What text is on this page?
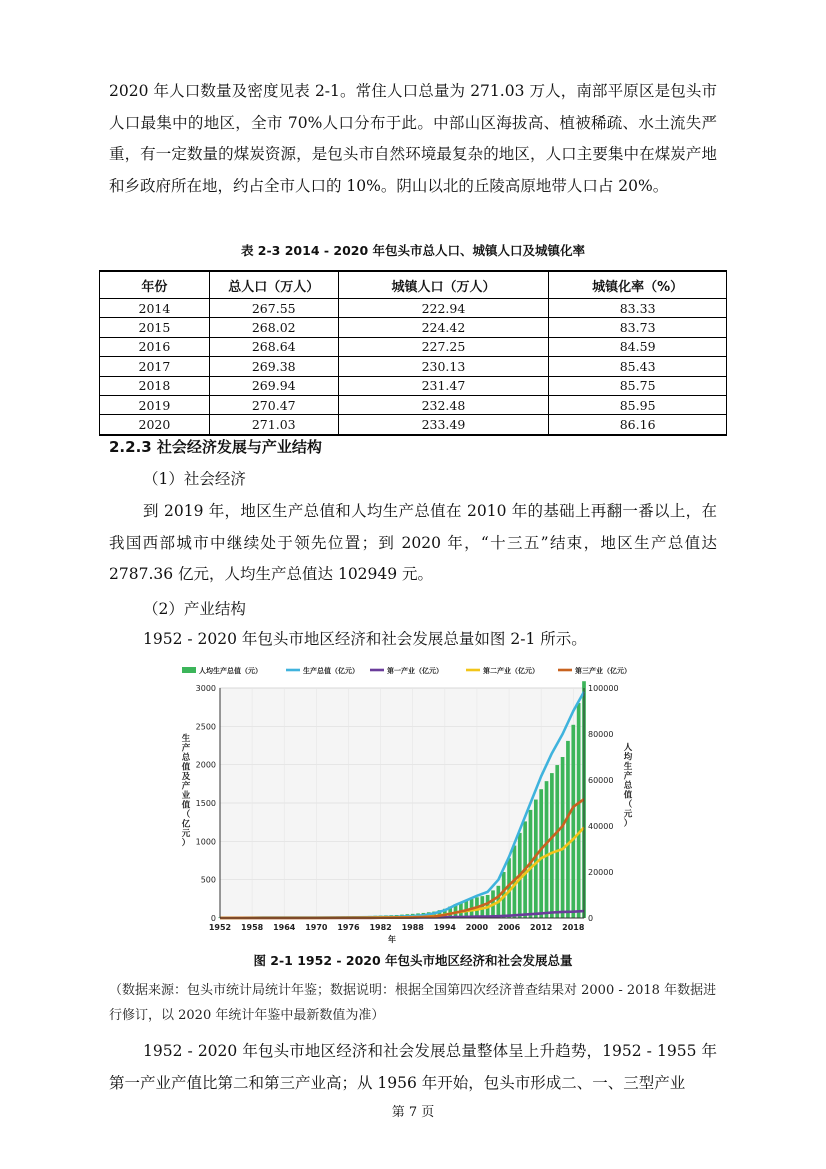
2020 年人口数量及密度见表 2-1。常住人口总量为 271.03 万人，南部平原区是包头市人口最集中的地区，全市 70%人口分布于此。中部山区海拔高、植被稀疏、水土流失严重，有一定数量的煤炭资源，是包头市自然环境最复杂的地区，人口主要集中在煤炭产地和乡政府所在地，约占全市人口的 10%。阴山以北的丘陵高原地带人口占 20%。

表 2-3 2014 - 2020 年包头市总人口、城镇人口及城镇化率

年份	总人口（万人）	城镇人口（万人）	城镇化率（%）
2014	267.55	222.94	83.33
2015	268.02	224.42	83.73
2016	268.64	227.25	84.59
2017	269.38	230.13	85.43
2018	269.94	231.47	85.75
2019	270.47	232.48	85.95
2020	271.03	233.49	86.16
2.2.3 社会经济发展与产业结构

（1）社会经济

到 2019 年，地区生产总值和人均生产总值在 2010 年的基础上再翻一番以上，在我国西部城市中继续处于领先位置；到 2020 年，“十三五”结束，地区生产总值达 2787.36 亿元，人均生产总值达 102949 元。

（2）产业结构

1952 - 2020 年包头市地区经济和社会发展总量如图 2-1 所示。

0
500
1000
1500
2000
2500
3000
0
20000
40000
60000
80000
100000
1952 1958 1964 1970 1976 1982 1988 1994 2000 2006 2012 2018
年
生产总值及产业值（亿元）
人均生产总值（元）
人均生产总值（元）	生产总值（亿元）	第一产业（亿元）	第二产业（亿元）	第三产业（亿元）

图 2-1 1952 - 2020 年包头市地区经济和社会发展总量

（数据来源：包头市统计局统计年鉴；数据说明：根据全国第四次经济普查结果对 2000 - 2018 年数据进行修订，以 2020 年统计年鉴中最新数值为准）

1952 - 2020 年包头市地区经济和社会发展总量整体呈上升趋势，1952 - 1955 年第一产业产值比第二和第三产业高；从 1956 年开始，包头市形成二、一、三型产业

第 7 页
